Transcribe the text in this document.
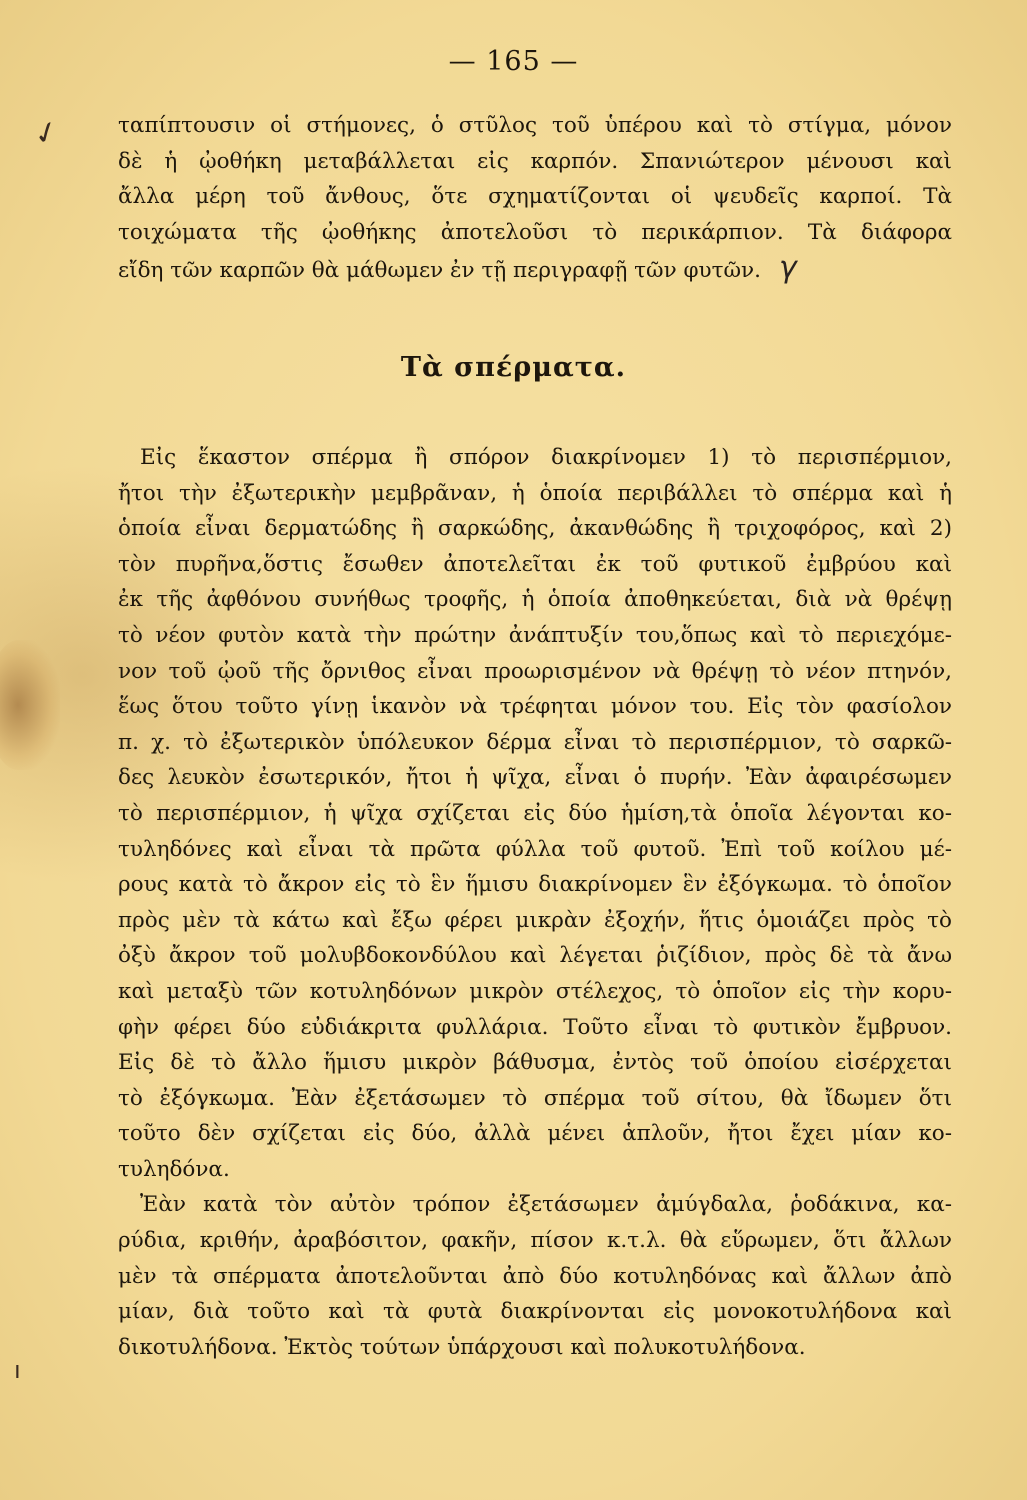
✓
ı
— 165 —
ταπίπτουσιν οἱ στήμονες, ὁ στῦλος τοῦ ὑπέρου καὶ τὸ στίγμα, μόνον
δὲ ἡ ᾠοθήκη μεταβάλλεται εἰς καρπόν. Σπανιώτερον μένουσι καὶ
ἄλλα μέρη τοῦ ἄνθους, ὅτε σχηματίζονται οἱ ψευδεῖς καρποί. Τὰ
τοιχώματα τῆς ᾠοθήκης ἀποτελοῦσι τὸ περικάρπιον. Τὰ διάφορα
εἴδη τῶν καρπῶν θὰ μάθωμεν ἐν τῇ περιγραφῇ τῶν φυτῶν. γ
Τὰ σπέρματα.
Εἰς ἕκαστον σπέρμα ἢ σπόρον διακρίνομεν 1) τὸ περισπέρμιον,
ἤτοι τὴν ἐξωτερικὴν μεμβρᾶναν, ἡ ὁποία περιβάλλει τὸ σπέρμα καὶ ἡ
ὁποία εἶναι δερματώδης ἢ σαρκώδης, ἀκανθώδης ἢ τριχοφόρος, καὶ 2)
τὸν πυρῆνα,ὅστις ἔσωθεν ἀποτελεῖται ἐκ τοῦ φυτικοῦ ἐμβρύου καὶ
ἐκ τῆς ἀφθόνου συνήθως τροφῆς, ἡ ὁποία ἀποθηκεύεται, διὰ νὰ θρέψῃ
τὸ νέον φυτὸν κατὰ τὴν πρώτην ἀνάπτυξίν του,ὅπως καὶ τὸ περιεχόμε-
νον τοῦ ᾠοῦ τῆς ὄρνιθος εἶναι προωρισμένον νὰ θρέψῃ τὸ νέον πτηνόν,
ἕως ὅτου τοῦτο γίνῃ ἱκανὸν νὰ τρέφηται μόνον του. Εἰς τὸν φασίολον
π. χ. τὸ ἐξωτερικὸν ὑπόλευκον δέρμα εἶναι τὸ περισπέρμιον, τὸ σαρκῶ-
δες λευκὸν ἐσωτερικόν, ἤτοι ἡ ψῖχα, εἶναι ὁ πυρήν. Ἐὰν ἀφαιρέσωμεν
τὸ περισπέρμιον, ἡ ψῖχα σχίζεται εἰς δύο ἡμίση,τὰ ὁποῖα λέγονται κο-
τυληδόνες καὶ εἶναι τὰ πρῶτα φύλλα τοῦ φυτοῦ. Ἐπὶ τοῦ κοίλου μέ-
ρους κατὰ τὸ ἄκρον εἰς τὸ ἓν ἥμισυ διακρίνομεν ἓν ἐξόγκωμα. τὸ ὁποῖον
πρὸς μὲν τὰ κάτω καὶ ἔξω φέρει μικρὰν ἐξοχήν, ἥτις ὁμοιάζει πρὸς τὸ
ὀξὺ ἄκρον τοῦ μολυβδοκονδύλου καὶ λέγεται ῥιζίδιον, πρὸς δὲ τὰ ἄνω
καὶ μεταξὺ τῶν κοτυληδόνων μικρὸν στέλεχος, τὸ ὁποῖον εἰς τὴν κορυ-
φὴν φέρει δύο εὐδιάκριτα φυλλάρια. Τοῦτο εἶναι τὸ φυτικὸν ἔμβρυον.
Εἰς δὲ τὸ ἄλλο ἥμισυ μικρὸν βάθυσμα, ἐντὸς τοῦ ὁποίου εἰσέρχεται
τὸ ἐξόγκωμα. Ἐὰν ἐξετάσωμεν τὸ σπέρμα τοῦ σίτου, θὰ ἴδωμεν ὅτι
τοῦτο δὲν σχίζεται εἰς δύο, ἀλλὰ μένει ἁπλοῦν, ἤτοι ἔχει μίαν κο-
τυληδόνα.
Ἐὰν κατὰ τὸν αὐτὸν τρόπον ἐξετάσωμεν ἀμύγδαλα, ῥοδάκινα, κα-
ρύδια, κριθήν, ἀραβόσιτον, φακῆν, πίσον κ.τ.λ. θὰ εὕρωμεν, ὅτι ἄλλων
μὲν τὰ σπέρματα ἀποτελοῦνται ἀπὸ δύο κοτυληδόνας καὶ ἄλλων ἀπὸ
μίαν, διὰ τοῦτο καὶ τὰ φυτὰ διακρίνονται εἰς μονοκοτυλήδονα καὶ
δικοτυλήδονα. Ἐκτὸς τούτων ὑπάρχουσι καὶ πολυκοτυλήδονα.
